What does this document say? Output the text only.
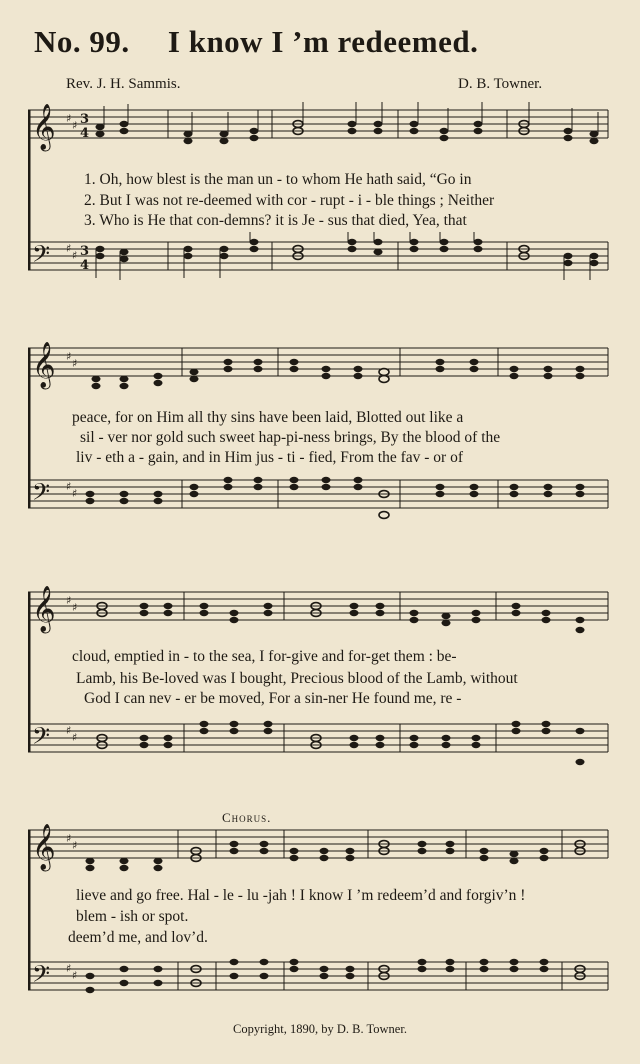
No. 99. I know I ’m redeemed.
Rev. J. H. Sammis.	D. B. Towner.
𝄞
𝄢
♯
♯
♯
♯
3
4
3
4
1. Oh, how blest is the man un - to whom He hath said, “Go in
2. But I was not re-deemed with cor - rupt - i - ble things ; Neither
3. Who is He that con-demns? it is Je - sus that died, Yea, that
𝄞
𝄢
♯
♯
♯
♯
peace, for on Him all thy sins have been laid, Blotted out like a
sil - ver nor gold such sweet hap-pi-ness brings, By the blood of the
liv - eth a - gain, and in Him jus - ti - fied, From the fav - or of
𝄞
𝄢
♯
♯
♯
♯
cloud, emptied in - to the sea, I for-give and for-get them : be-
Lamb, his Be-loved was I bought, Precious blood of the Lamb, without
God I can nev - er be moved, For a sin-ner He found me, re -
Chorus.
𝄞
𝄢
♯
♯
♯
♯
lieve and go free. Hal - le - lu -jah ! I know I ’m redeem’d and forgiv’n !
blem - ish or spot.
deem’d me, and lov’d.
Copyright, 1890, by D. B. Towner.
